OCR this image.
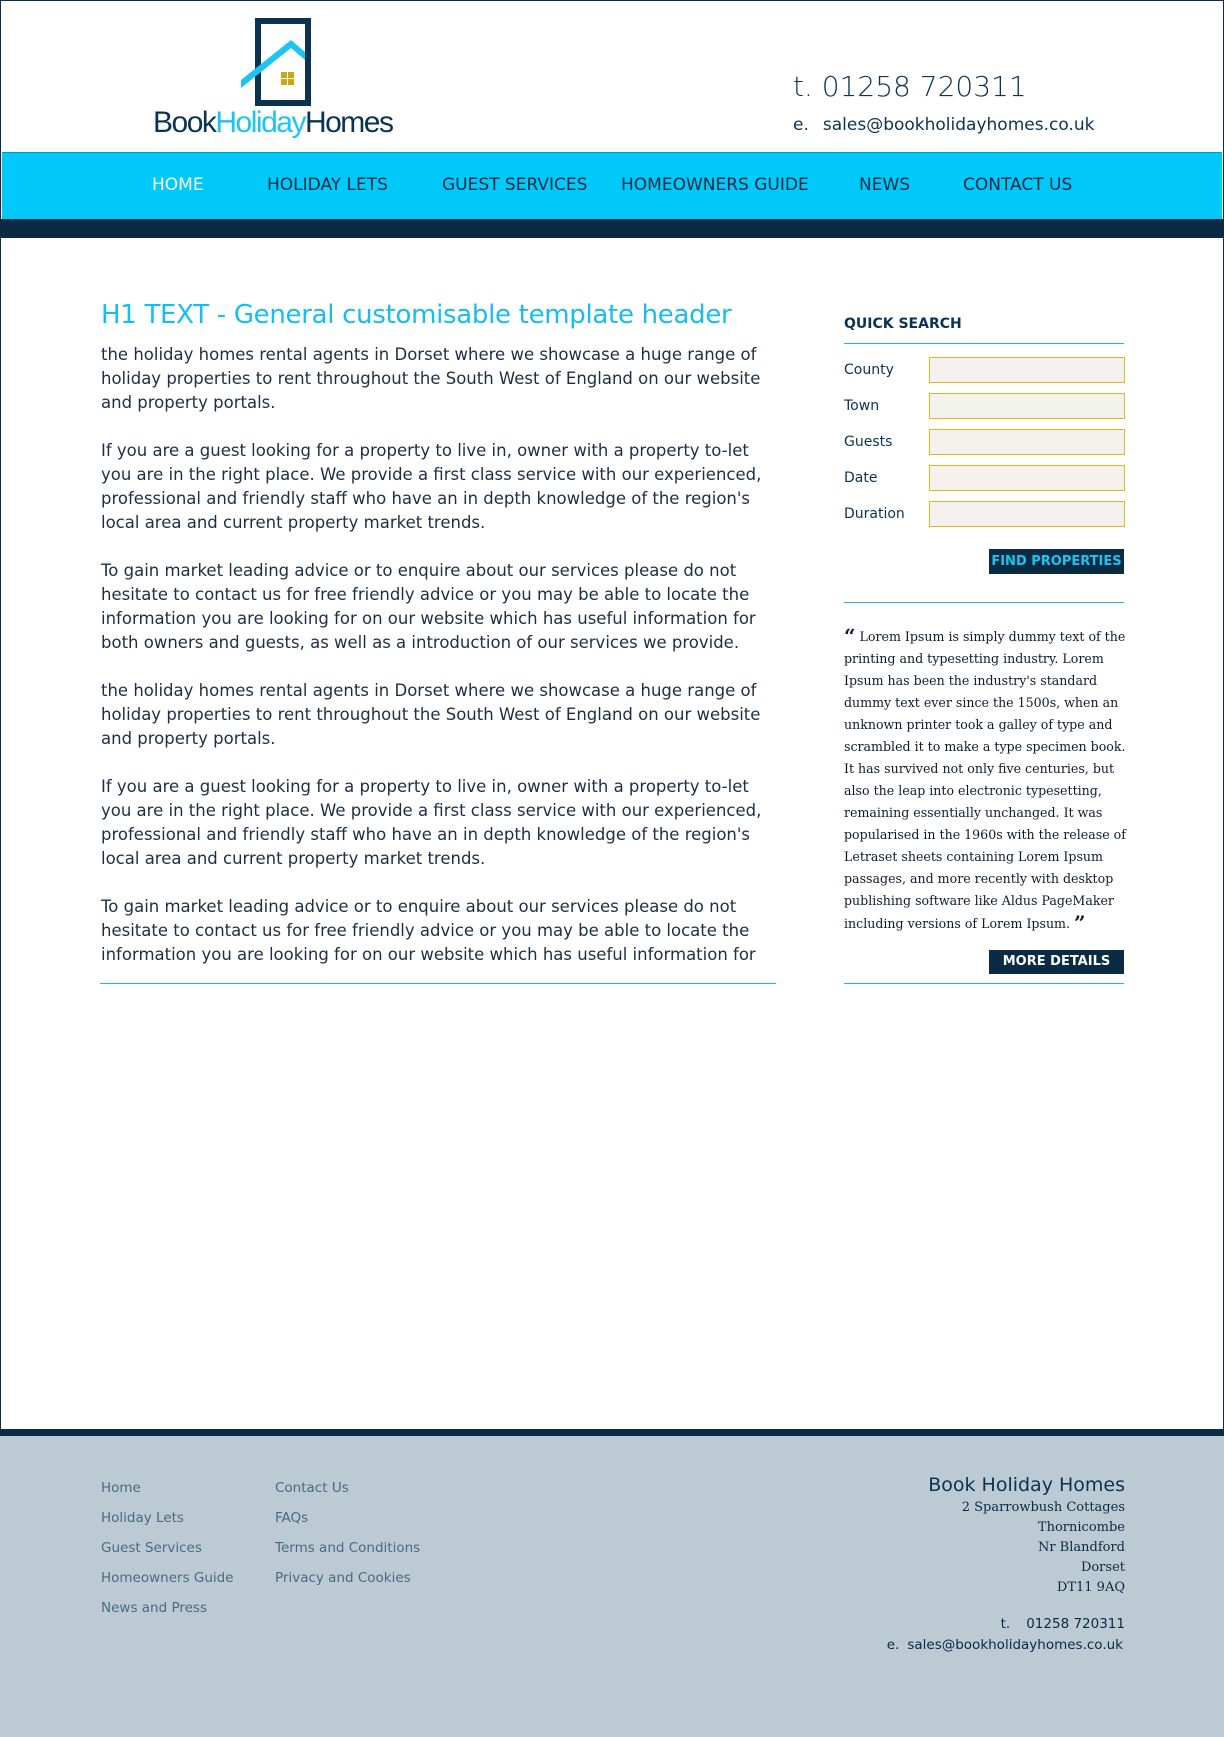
BookHolidayHomes
t. 01258 720311
e. sales@bookholidayhomes.co.uk
HOME	HOLIDAY LETS	GUEST SERVICES HOMEOWNERS GUIDE	NEWS	CONTACT US
H1 TEXT - General customisable template header

the holiday homes rental agents in Dorset where we showcase a huge range of holiday properties to rent throughout the South West of England on our website and property portals.

If you are a guest looking for a property to live in, owner with a property to-let you are in the right place. We provide a first class service with our experienced, professional and friendly staff who have an in depth knowledge of the region's local area and current property market trends.

To gain market leading advice or to enquire about our services please do not hesitate to contact us for free friendly advice or you may be able to locate the information you are looking for on our website which has useful information for both owners and guests, as well as a introduction of our services we provide.

the holiday homes rental agents in Dorset where we showcase a huge range of holiday properties to rent throughout the South West of England on our website and property portals.

If you are a guest looking for a property to live in, owner with a property to-let you are in the right place. We provide a first class service with our experienced, professional and friendly staff who have an in depth knowledge of the region's local area and current property market trends.

To gain market leading advice or to enquire about our services please do not hesitate to contact us for free friendly advice or you may be able to locate the information you are looking for on our website which has useful information for

QUICK SEARCH
County
Town
Guests
Date
Duration
FIND PROPERTIES
“ Lorem Ipsum is simply dummy text of the printing and typesetting industry. Lorem Ipsum has been the industry's standard dummy text ever since the 1500s, when an unknown printer took a galley of type and scrambled it to make a type specimen book. It has survived not only five centuries, but also the leap into electronic typesetting, remaining essentially unchanged. It was popularised in the 1960s with the release of Letraset sheets containing Lorem Ipsum passages, and more recently with desktop publishing software like Aldus PageMaker including versions of Lorem Ipsum. ”
MORE DETAILS
Home
Holiday Lets
Guest Services
Homeowners Guide
News and Press
Contact Us
FAQs
Terms and Conditions
Privacy and Cookies
Book Holiday Homes
2 Sparrowbush Cottages
Thornicombe
Nr Blandford
Dorset
DT11 9AQ
t. 01258 720311
e. sales@bookholidayhomes.co.uk
